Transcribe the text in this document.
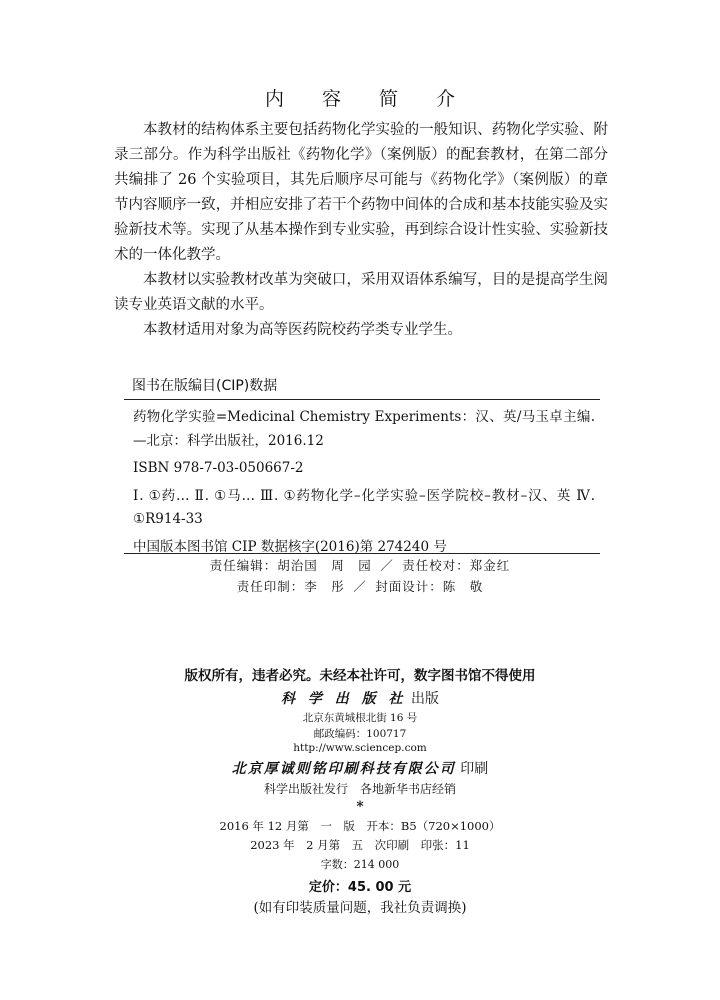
内 容 简 介

本教材的结构体系主要包括药物化学实验的一般知识、药物化学实验、附录三部分。作为科学出版社《药物化学》（案例版）的配套教材，在第二部分共编排了 26 个实验项目，其先后顺序尽可能与《药物化学》（案例版）的章节内容顺序一致，并相应安排了若干个药物中间体的合成和基本技能实验及实验新技术等。实现了从基本操作到专业实验，再到综合设计性实验、实验新技术的一体化教学。

本教材以实验教材改革为突破口，采用双语体系编写，目的是提高学生阅读专业英语文献的水平。

本教材适用对象为高等医药院校药学类专业学生。

图书在版编目(CIP)数据

药物化学实验=Medicinal Chemistry Experiments：汉、英/马玉卓主编. —北京：科学出版社，2016.12

ISBN 978-7-03-050667-2

Ⅰ. ①药… Ⅱ. ①马… Ⅲ. ①药物化学–化学实验–医学院校–教材–汉、英 Ⅳ. ①R914-33

中国版本图书馆 CIP 数据核字(2016)第 274240 号

责任编辑：胡治国　周　园 ／ 责任校对：郑金红
责任印制：李　彤 ／ 封面设计：陈　敬
版权所有，违者必究。未经本社许可，数字图书馆不得使用
科 学 出 版 社 出版
北京东黄城根北街 16 号
邮政编码：100717
http://www.sciencep.com
北京厚诚则铭印刷科技有限公司 印刷
科学出版社发行　各地新华书店经销
*
2016 年 12 月第　一　版　开本：B5（720×1000）
2023 年　2 月第　五　次印刷　印张：11
字数：214 000
定价：45. 00 元
(如有印装质量问题，我社负责调换)
